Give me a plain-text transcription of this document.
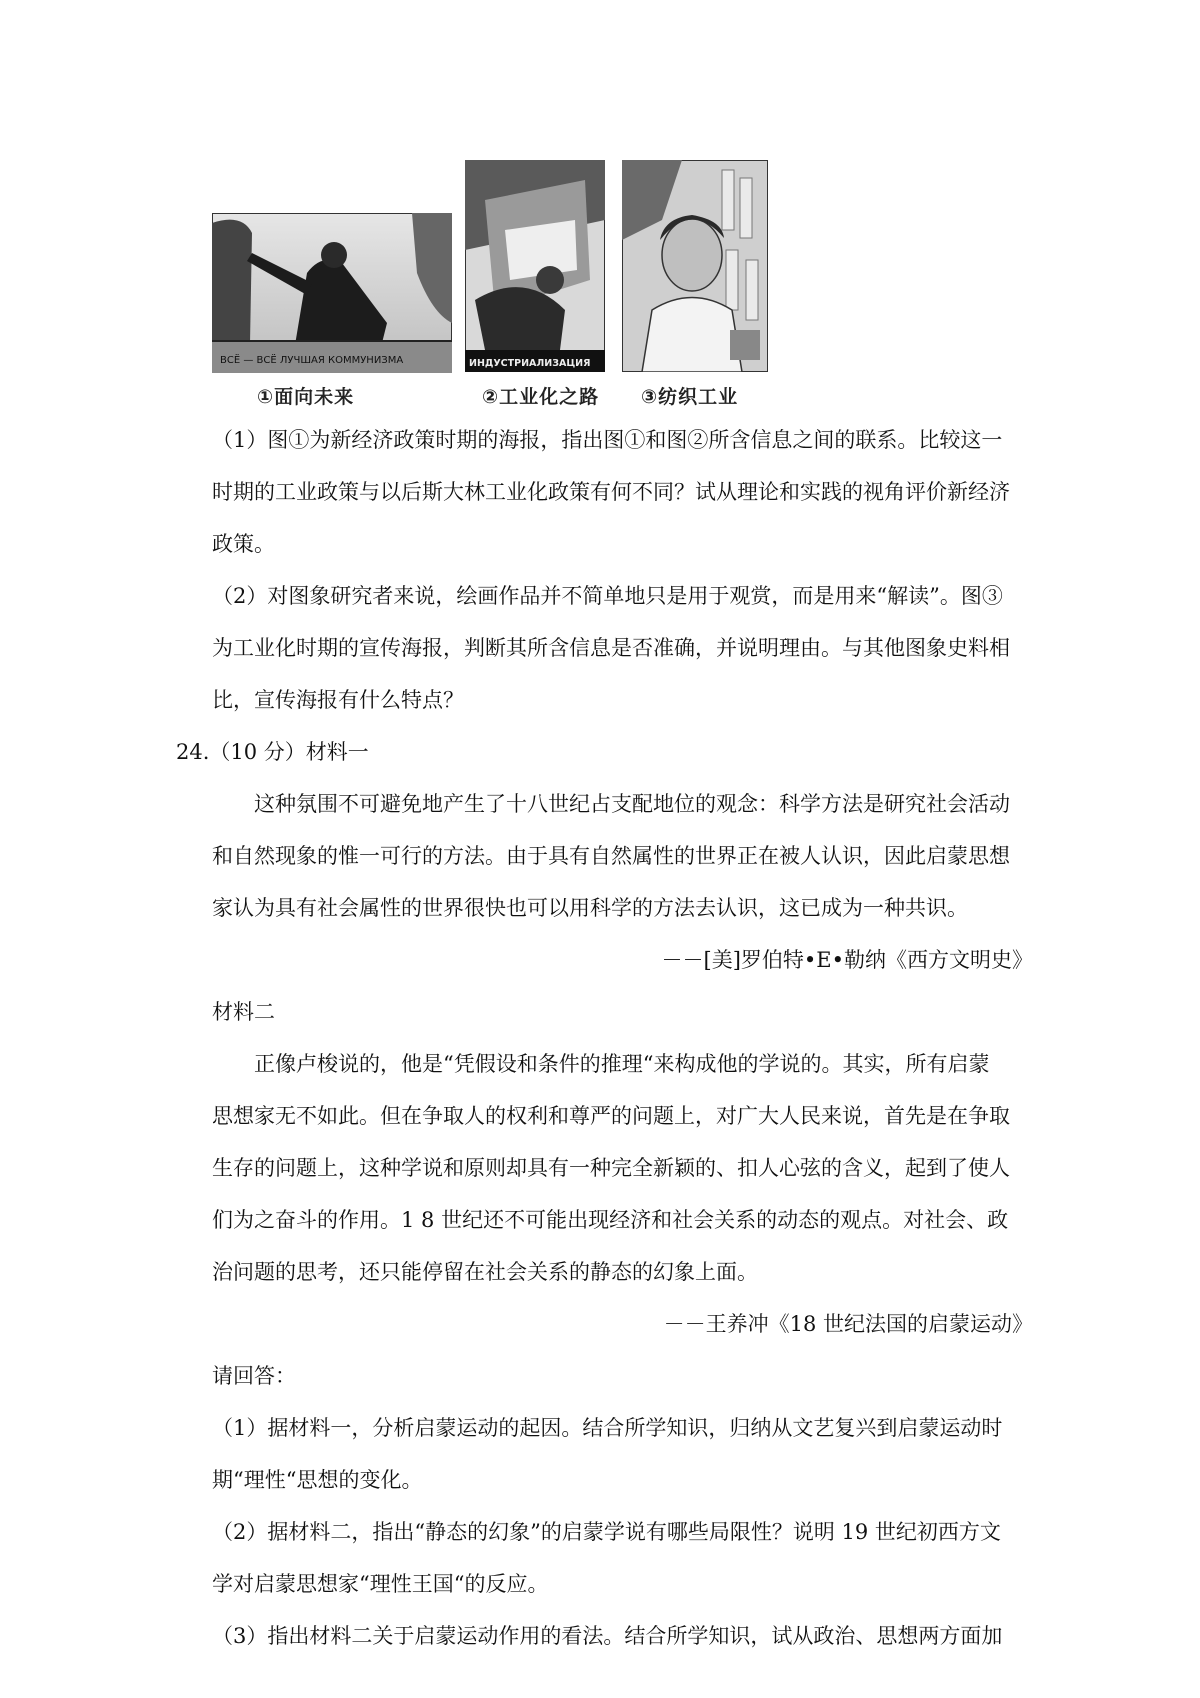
ВСЁ — ВСЁ ЛУЧШАЯ КОММУНИЗМА	ИНДУСТРИАЛИЗАЦИЯ
①面向未来	②工业化之路 ③纺织工业
（1）图①为新经济政策时期的海报，指出图①和图②所含信息之间的联系。比较这一
时期的工业政策与以后斯大林工业化政策有何不同？试从理论和实践的视角评价新经济
政策。
（2）对图象研究者来说，绘画作品并不简单地只是用于观赏，而是用来“解读”。图③
为工业化时期的宣传海报，判断其所含信息是否准确，并说明理由。与其他图象史料相
比，宣传海报有什么特点？
24.（10 分）材料一
这种氛围不可避免地产生了十八世纪占支配地位的观念：科学方法是研究社会活动
和自然现象的惟一可行的方法。由于具有自然属性的世界正在被人认识，因此启蒙思想
家认为具有社会属性的世界很快也可以用科学的方法去认识，这已成为一种共识。
－－[美]罗伯特•E•勒纳《西方文明史》
材料二
正像卢梭说的，他是“凭假设和条件的推理“来构成他的学说的。其实，所有启蒙
思想家无不如此。但在争取人的权利和尊严的问题上，对广大人民来说，首先是在争取
生存的问题上，这种学说和原则却具有一种完全新颖的、扣人心弦的含义，起到了使人
们为之奋斗的作用。1 8 世纪还不可能出现经济和社会关系的动态的观点。对社会、政
治问题的思考，还只能停留在社会关系的静态的幻象上面。
－－王养冲《18 世纪法国的启蒙运动》
请回答：
（1）据材料一，分析启蒙运动的起因。结合所学知识，归纳从文艺复兴到启蒙运动时
期“理性“思想的变化。
（2）据材料二，指出“静态的幻象”的启蒙学说有哪些局限性？说明 19 世纪初西方文
学对启蒙思想家“理性王国“的反应。
（3）指出材料二关于启蒙运动作用的看法。结合所学知识，试从政治、思想两方面加
